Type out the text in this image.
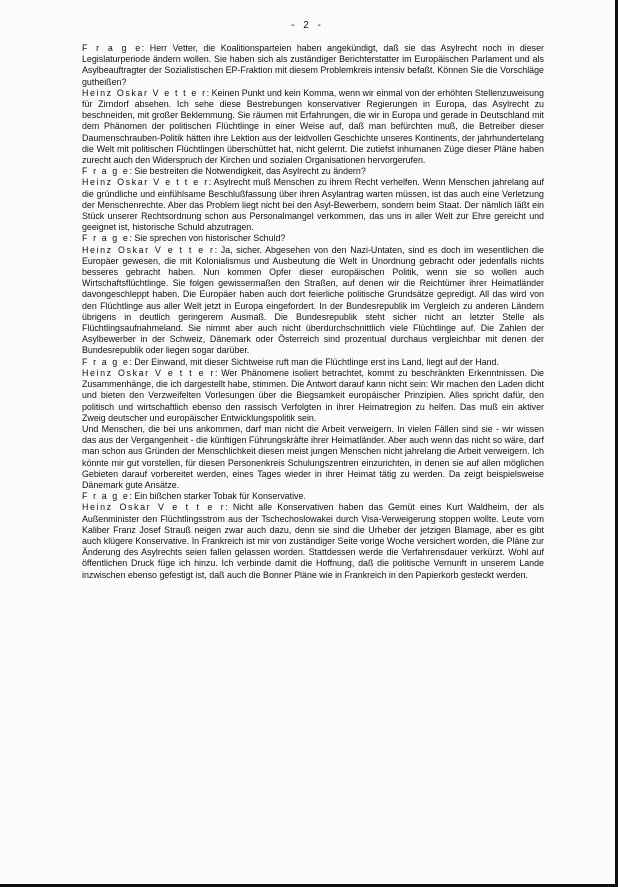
- 2 -

F r a g e: Herr Vetter, die Koalitionsparteien haben angekündigt, daß sie das Asylrecht noch in dieser Legislaturperiode ändern wollen. Sie haben sich als zuständiger Berichterstatter im Europäischen Parlament und als Asylbeauftragter der Sozialistischen EP-Fraktion mit diesem Problemkreis intensiv befaßt. Können Sie die Vorschläge gutheißen?

Heinz Oskar V e t t e r: Keinen Punkt und kein Komma, wenn wir einmal von der erhöhten Stellenzuweisung für Zirndorf absehen. Ich sehe diese Bestrebungen konservativer Regierungen in Europa, das Asylrecht zu beschneiden, mit großer Beklemmung. Sie räumen mit Erfahrungen, die wir in Europa und gerade in Deutschland mit dem Phänomen der politischen Flüchtlinge in einer Weise auf, daß man befürchten muß, die Betreiber dieser Daumenschrauben-Politik hätten ihre Lektion aus der leidvollen Geschichte unseres Kontinents, der jahrhundertelang die Welt mit politischen Flüchtlingen überschüttet hat, nicht gelernt. Die zutiefst inhumanen Züge dieser Pläne haben zurecht auch den Widerspruch der Kirchen und sozialen Organisationen hervorgerufen.

F r a g e: Sie bestreiten die Notwendigkeit, das Asylrecht zu ändern?

Heinz Oskar V e t t e r: Asylrecht muß Menschen zu ihrem Recht verhelfen. Wenn Menschen jahrelang auf die gründliche und einfühlsame Beschlußfassung über ihren Asylantrag warten müssen, ist das auch eine Verletzung der Menschenrechte. Aber das Problem liegt nicht bei den Asyl-Bewerbern, sondern beim Staat. Der nämlich läßt ein Stück unserer Rechtsordnung schon aus Personalmangel verkommen, das uns in aller Welt zur Ehre gereicht und geeignet ist, historische Schuld abzutragen.

F r a g e: Sie sprechen von historischer Schuld?

Heinz Oskar V e t t e r: Ja, sicher. Abgesehen von den Nazi-Untaten, sind es doch im wesentlichen die Europäer gewesen, die mit Kolonialismus und Ausbeutung die Welt in Unordnung gebracht oder jedenfalls nichts besseres gebracht haben. Nun kommen Opfer dieser europäischen Politik, wenn sie so wollen auch Wirtschaftsflüchtlinge. Sie folgen gewissermaßen den Straßen, auf denen wir die Reichtümer ihrer Heimatländer davongeschleppt haben. Die Europäer haben auch dort feierliche politische Grundsätze gepredigt. All das wird von den Flüchtlinge aus aller Welt jetzt in Europa eingefordert. In der Bundesrepublik im Vergleich zu anderen Ländern übrigens in deutlich geringerem Ausmaß. Die Bundesrepublik steht sicher nicht an letzter Stelle als Flüchtlingsaufnahmeland. Sie nimmt aber auch nicht überdurchschnittlich viele Flüchtlinge auf. Die Zahlen der Asylbewerber in der Schweiz, Dänemark oder Österreich sind prozentual durchaus vergleichbar mit denen der Bundesrepublik oder liegen sogar darüber.

F r a g e: Der Einwand, mit dieser Sichtweise ruft man die Flüchtlinge erst ins Land, liegt auf der Hand.

Heinz Oskar V e t t e r: Wer Phänomene isoliert betrachtet, kommt zu beschränkten Erkenntnissen. Die Zusammenhänge, die ich dargestellt habe, stimmen. Die Antwort darauf kann nicht sein: Wir machen den Laden dicht und bieten den Verzweifelten Vorlesungen über die Biegsamkeit europäischer Prinzipien. Alles spricht dafür, den politisch und wirtschaftlich ebenso den rassisch Verfolgten in ihrer Heimatregion zu helfen. Das muß ein aktiver Zweig deutscher und europäischer Entwicklungspolitik sein.

Und Menschen, die bei uns ankommen, darf man nicht die Arbeit verweigern. In vielen Fällen sind sie - wir wissen das aus der Vergangenheit - die künftigen Führungskräfte ihrer Heimatländer. Aber auch wenn das nicht so wäre, darf man schon aus Gründen der Menschlichkeit diesen meist jungen Menschen nicht jahrelang die Arbeit verweigern. Ich könnte mir gut vorstellen, für diesen Personenkreis Schulungszentren einzurichten, in denen sie auf allen möglichen Gebieten darauf vorbereitet werden, eines Tages wieder in ihrer Heimat tätig zu werden. Da zeigt beispielsweise Dänemark gute Ansätze.

F r a g e: Ein bißchen starker Tobak für Konservative.

Heinz Oskar V e t t e r: Nicht alle Konservativen haben das Gemüt eines Kurt Waldheim, der als Außenminister den Flüchtlingsstrom aus der Tschechoslowakei durch Visa-Verweigerung stoppen wollte. Leute vom Kaliber Franz Josef Strauß neigen zwar auch dazu, denn sie sind die Urheber der jetzigen Blamage, aber es gibt auch klügere Konservative. In Frankreich ist mir von zuständiger Seite vorige Woche versichert worden, die Pläne zur Änderung des Asylrechts seien fallen gelassen worden. Stattdessen werde die Verfahrensdauer verkürzt. Wohl auf öffentlichen Druck füge ich hinzu. Ich verbinde damit die Hoffnung, daß die politische Vernunft in unserem Lande inzwischen ebenso gefestigt ist, daß auch die Bonner Pläne wie in Frankreich in den Papierkorb gesteckt werden.
